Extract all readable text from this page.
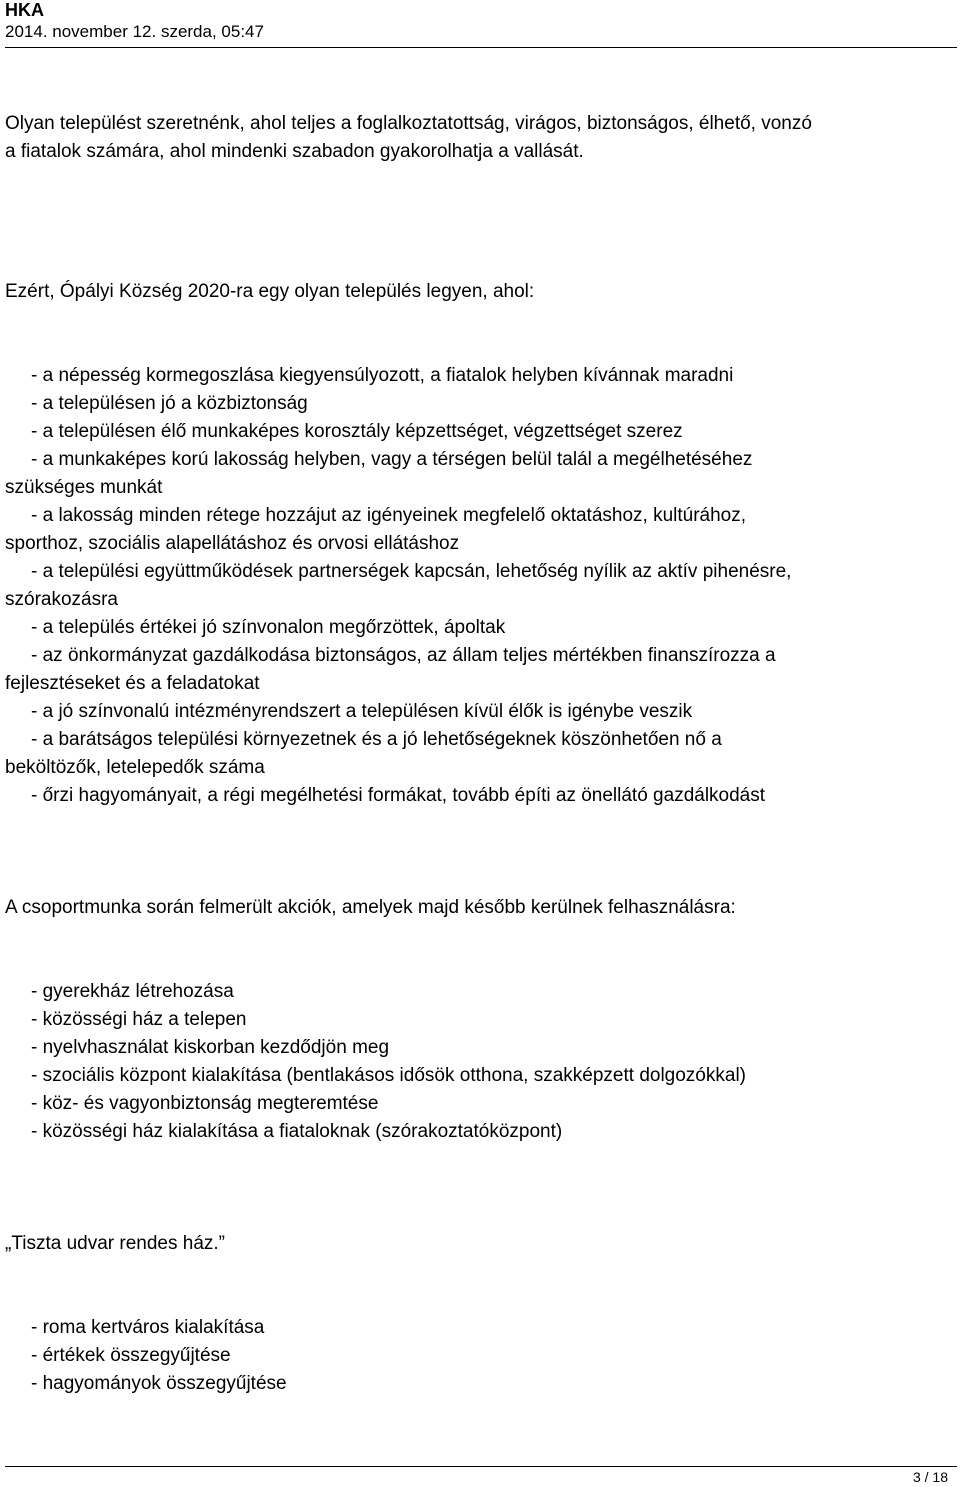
HKA
2014. november 12. szerda, 05:47

Olyan települést szeretnénk, ahol teljes a foglalkoztatottság, virágos, biztonságos, élhető, vonzó

a fiatalok számára, ahol mindenki szabadon gyakorolhatja a vallását.

Ezért, Ópályi Község 2020-ra egy olyan település legyen, ahol:

- a népesség kormegoszlása kiegyensúlyozott, a fiatalok helyben kívánnak maradni

- a településen jó a közbiztonság

- a településen élő munkaképes korosztály képzettséget, végzettséget szerez

- a munkaképes korú lakosság helyben, vagy a térségen belül talál a megélhetéséhez

szükséges munkát

- a lakosság minden rétege hozzájut az igényeinek megfelelő oktatáshoz, kultúrához,

sporthoz, szociális alapellátáshoz és orvosi ellátáshoz

- a települési együttműködések partnerségek kapcsán, lehetőség nyílik az aktív pihenésre,

szórakozásra

- a település értékei jó színvonalon megőrzöttek, ápoltak

- az önkormányzat gazdálkodása biztonságos, az állam teljes mértékben finanszírozza a

fejlesztéseket és a feladatokat

- a jó színvonalú intézményrendszert a településen kívül élők is igénybe veszik

- a barátságos települési környezetnek és a jó lehetőségeknek köszönhetően nő a

beköltözők, letelepedők száma

- őrzi hagyományait, a régi megélhetési formákat, tovább építi az önellátó gazdálkodást

A csoportmunka során felmerült akciók, amelyek majd később kerülnek felhasználásra:

- gyerekház létrehozása

- közösségi ház a telepen

- nyelvhasználat kiskorban kezdődjön meg

- szociális központ kialakítása (bentlakásos idősök otthona, szakképzett dolgozókkal)

- köz- és vagyonbiztonság megteremtése

- közösségi ház kialakítása a fiataloknak (szórakoztatóközpont)

„Tiszta udvar rendes ház.”

- roma kertváros kialakítása

- értékek összegyűjtése

- hagyományok összegyűjtése

3 / 18
